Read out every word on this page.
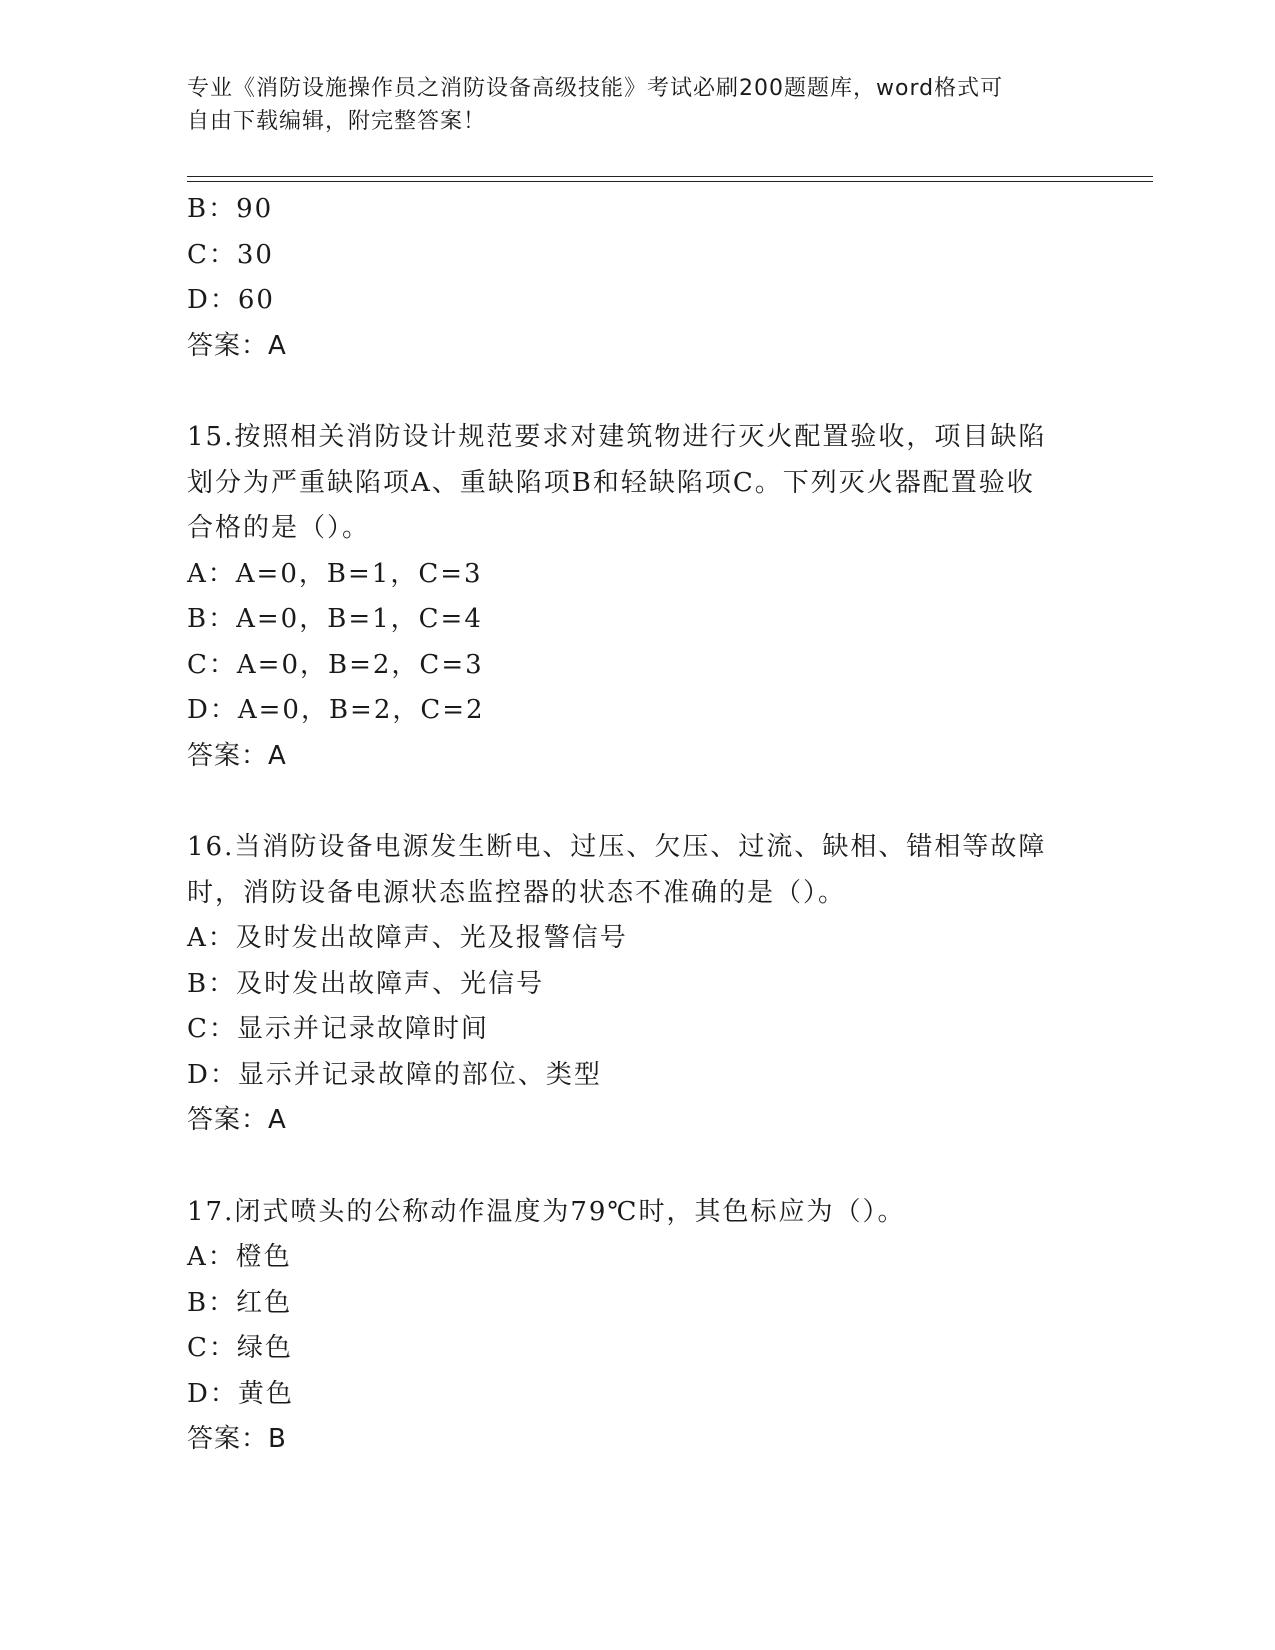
专业《消防设施操作员之消防设备高级技能》考试必刷200题题库，word格式可
自由下载编辑，附完整答案！
B：90
C：30
D：60
答案：A
15.按照相关消防设计规范要求对建筑物进行灭火配置验收，项目缺陷
划分为严重缺陷项A、重缺陷项B和轻缺陷项C。下列灭火器配置验收
合格的是（）。
A：A=0，B=1，C=3
B：A=0，B=1，C=4
C：A=0，B=2，C=3
D：A=0，B=2，C=2
答案：A
16.当消防设备电源发生断电、过压、欠压、过流、缺相、错相等故障
时，消防设备电源状态监控器的状态不准确的是（）。
A：及时发出故障声、光及报警信号
B：及时发出故障声、光信号
C：显示并记录故障时间
D：显示并记录故障的部位、类型
答案：A
17.闭式喷头的公称动作温度为79℃时，其色标应为（）。
A：橙色
B：红色
C：绿色
D：黄色
答案：B
